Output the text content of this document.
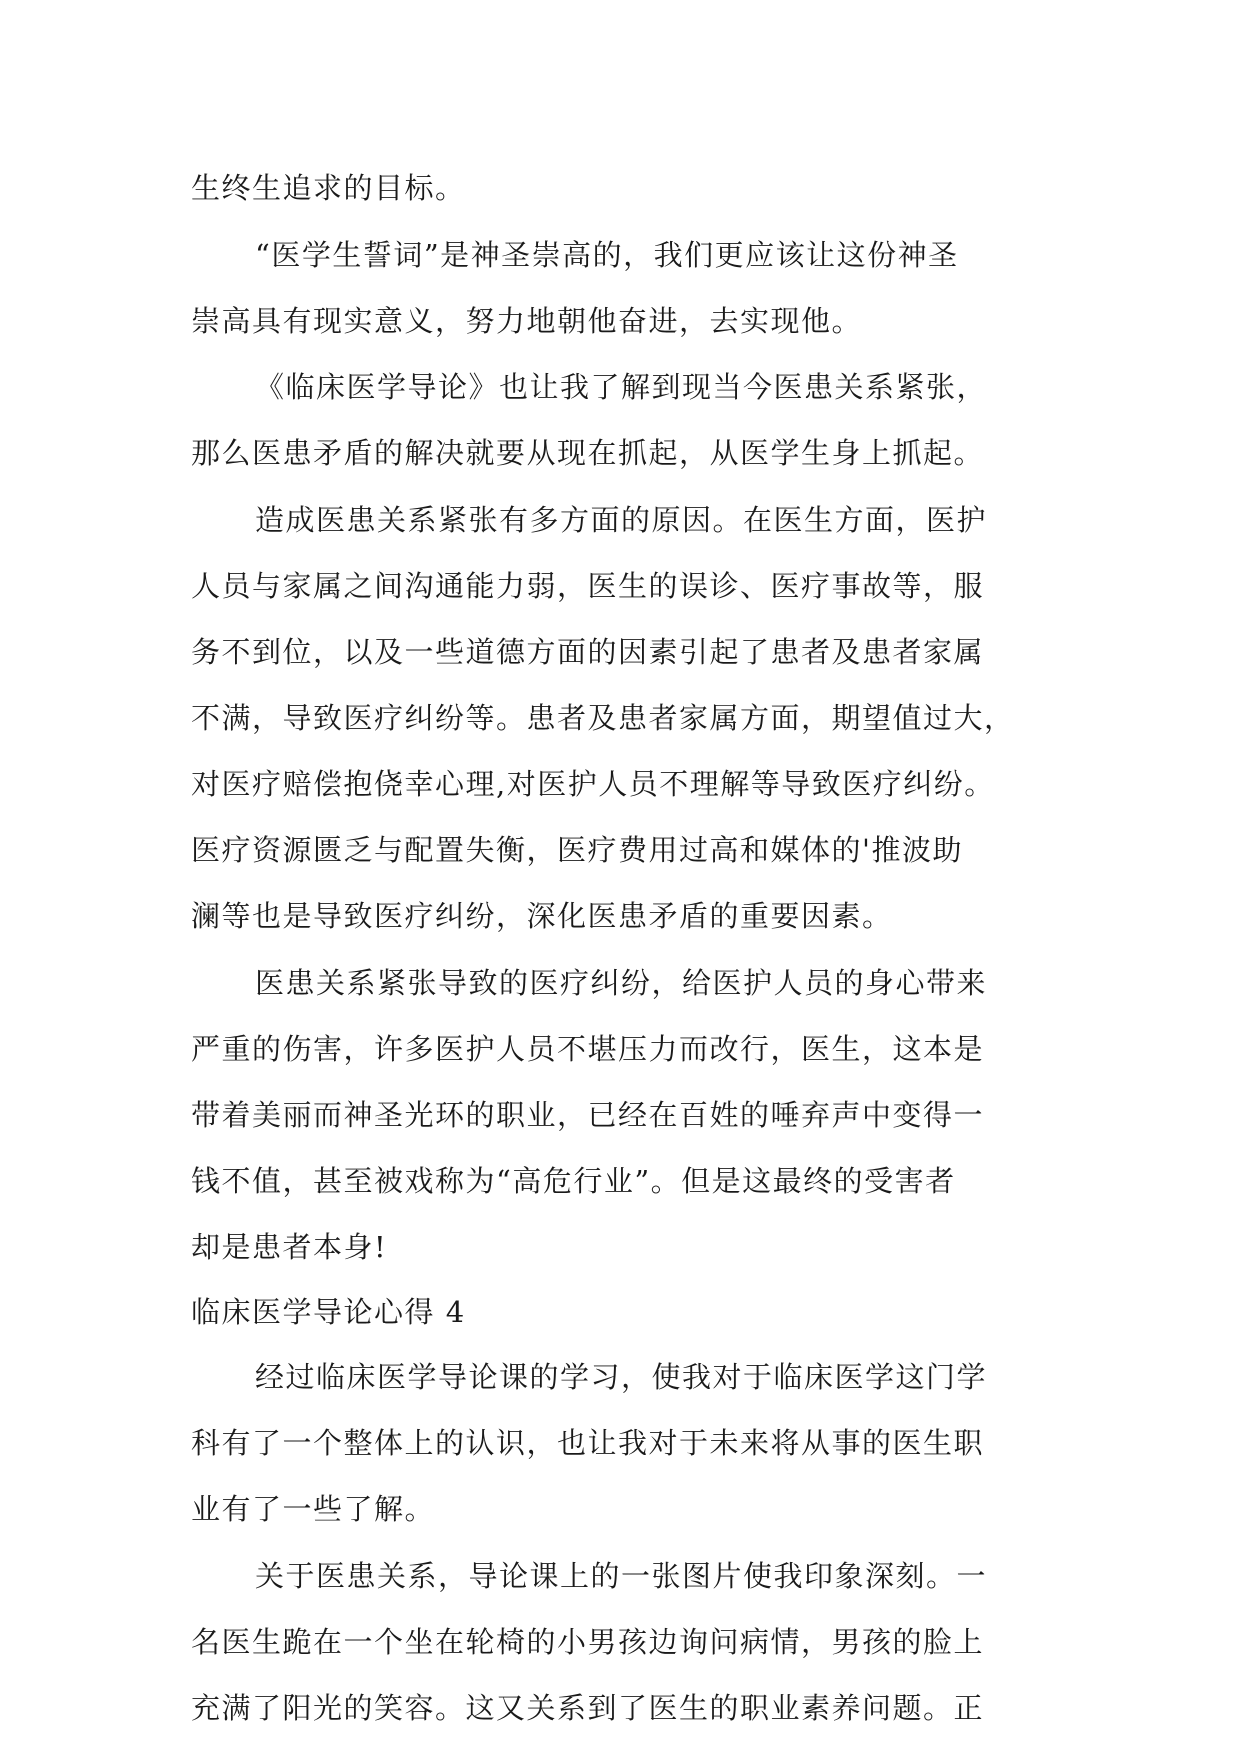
生终生追求的目标。
“医学生誓词”是神圣崇高的，我们更应该让这份神圣
崇高具有现实意义，努力地朝他奋进，去实现他。
《临床医学导论》也让我了解到现当今医患关系紧张，
那么医患矛盾的解决就要从现在抓起，从医学生身上抓起。
造成医患关系紧张有多方面的原因。在医生方面，医护
人员与家属之间沟通能力弱，医生的误诊、医疗事故等，服
务不到位，以及一些道德方面的因素引起了患者及患者家属
不满，导致医疗纠纷等。患者及患者家属方面，期望值过大，
对医疗赔偿抱侥幸心理,对医护人员不理解等导致医疗纠纷。
医疗资源匮乏与配置失衡，医疗费用过高和媒体的'推波助
澜等也是导致医疗纠纷，深化医患矛盾的重要因素。
医患关系紧张导致的医疗纠纷，给医护人员的身心带来
严重的伤害，许多医护人员不堪压力而改行，医生，这本是
带着美丽而神圣光环的职业，已经在百姓的唾弃声中变得一
钱不值，甚至被戏称为“高危行业”。但是这最终的受害者
却是患者本身!
临床医学导论心得 4
经过临床医学导论课的学习，使我对于临床医学这门学
科有了一个整体上的认识，也让我对于未来将从事的医生职
业有了一些了解。
关于医患关系，导论课上的一张图片使我印象深刻。一
名医生跪在一个坐在轮椅的小男孩边询问病情，男孩的脸上
充满了阳光的笑容。这又关系到了医生的职业素养问题。正
